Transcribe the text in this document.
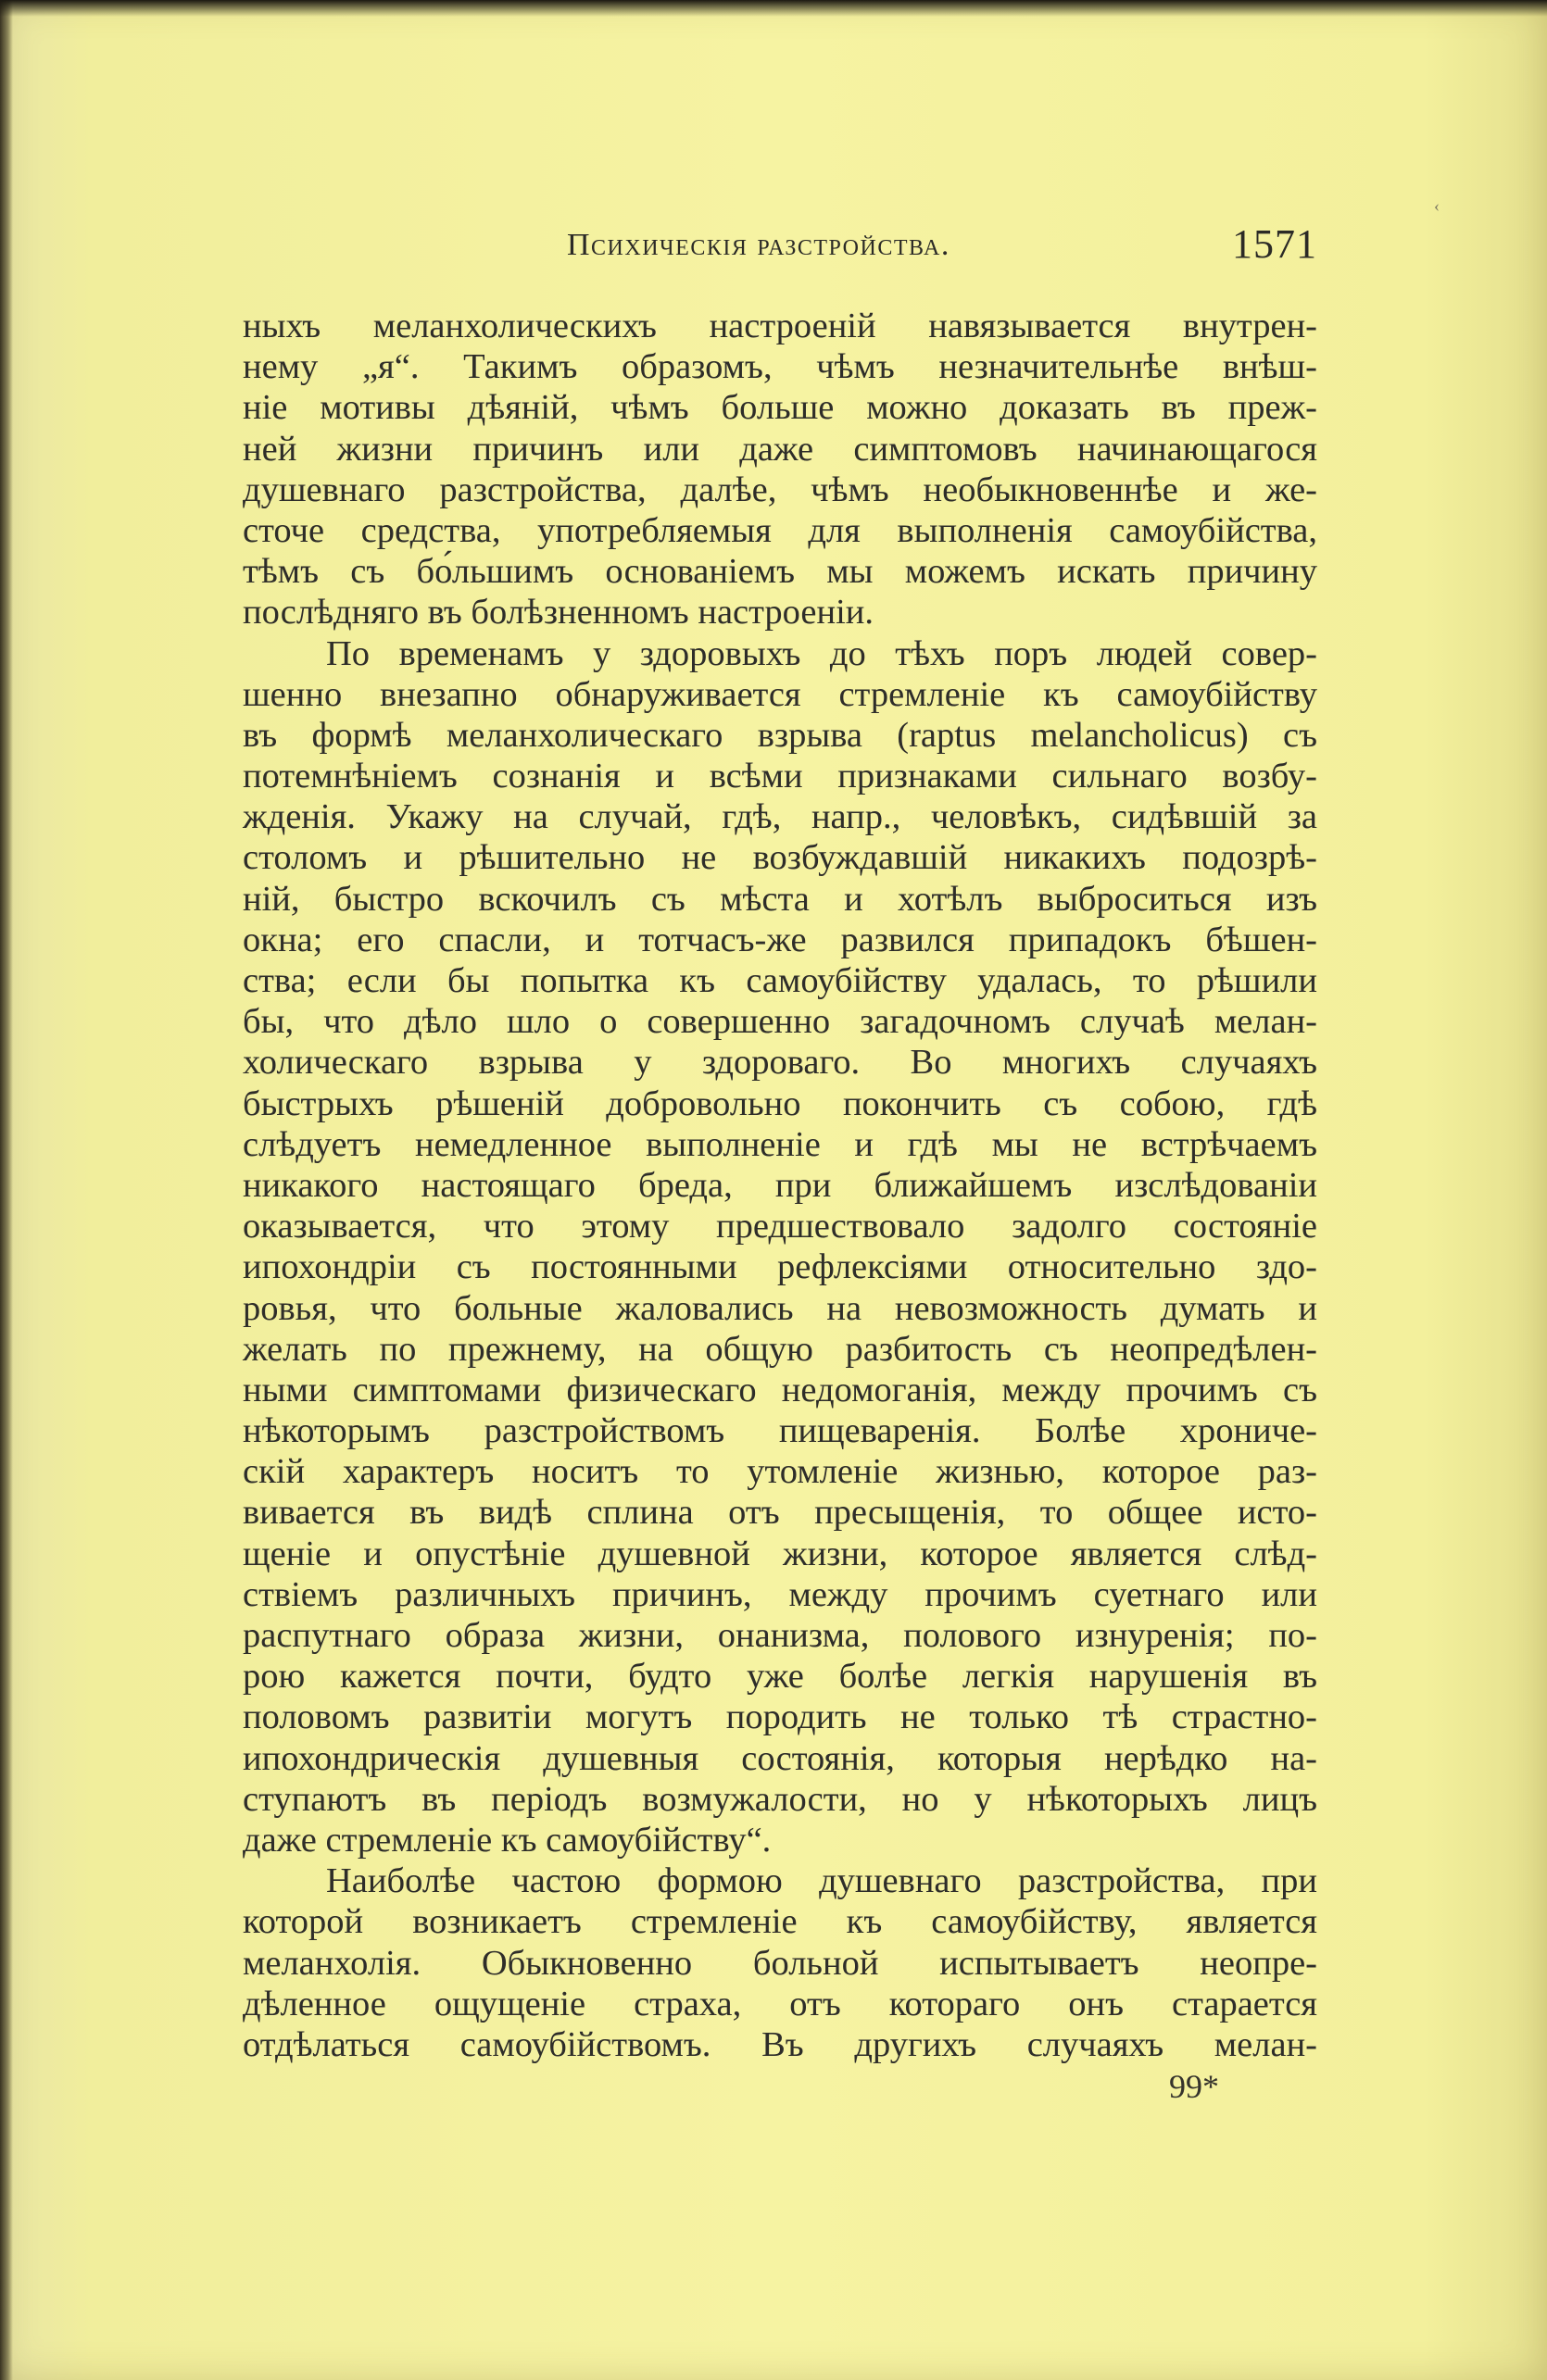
‹
Психическія разстройства.	1571
ныхъ меланхолическихъ настроеній навязывается внутрен-
нему „я“. Такимъ образомъ, чѣмъ незначительнѣе внѣш-
ніе мотивы дѣяній, чѣмъ больше можно доказать въ преж-
ней жизни причинъ или даже симптомовъ начинающагося
душевнаго разстройства, далѣе, чѣмъ необыкновеннѣе и же-
сточе средства, употребляемыя для выполненія самоубійства,
тѣмъ съ бо́льшимъ основаніемъ мы можемъ искать причину
послѣдняго въ болѣзненномъ настроеніи.
По временамъ у здоровыхъ до тѣхъ поръ людей совер-
шенно внезапно обнаруживается стремленіе къ самоубійству
въ формѣ меланхолическаго взрыва (raptus melancholicus) съ
потемнѣніемъ сознанія и всѣми признаками сильнаго возбу-
жденія. Укажу на случай, гдѣ, напр., человѣкъ, сидѣвшій за
столомъ и рѣшительно не возбуждавшій никакихъ подозрѣ-
ній, быстро вскочилъ съ мѣста и хотѣлъ выброситься изъ
окна; его спасли, и тотчасъ-же развился припадокъ бѣшен-
ства; если бы попытка къ самоубійству удалась, то рѣшили
бы, что дѣло шло о совершенно загадочномъ случаѣ мелан-
холическаго взрыва у здороваго. Во многихъ случаяхъ
быстрыхъ рѣшеній добровольно покончить съ собою, гдѣ
слѣдуетъ немедленное выполненіе и гдѣ мы не встрѣчаемъ
никакого настоящаго бреда, при ближайшемъ изслѣдованіи
оказывается, что этому предшествовало задолго состояніе
ипохондріи съ постоянными рефлексіями относительно здо-
ровья, что больные жаловались на невозможность думать и
желать по прежнему, на общую разбитость съ неопредѣлен-
ными симптомами физическаго недомоганія, между прочимъ съ
нѣкоторымъ разстройствомъ пищеваренія. Болѣе хрониче-
скій характеръ носитъ то утомленіе жизнью, которое раз-
вивается въ видѣ сплина отъ пресыщенія, то общее исто-
щеніе и опустѣніе душевной жизни, которое является слѣд-
ствіемъ различныхъ причинъ, между прочимъ суетнаго или
распутнаго образа жизни, онанизма, полового изнуренія; по-
рою кажется почти, будто уже болѣе легкія нарушенія въ
половомъ развитіи могутъ породить не только тѣ страстно-
ипохондрическія душевныя состоянія, которыя нерѣдко на-
ступаютъ въ періодъ возмужалости, но у нѣкоторыхъ лицъ
даже стремленіе къ самоубійству“.
Наиболѣе частою формою душевнаго разстройства, при
которой возникаетъ стремленіе къ самоубійству, является
меланхолія. Обыкновенно больной испытываетъ неопре-
дѣленное ощущеніе страха, отъ котораго онъ старается
отдѣлаться самоубійствомъ. Въ другихъ случаяхъ мелан-
99*
